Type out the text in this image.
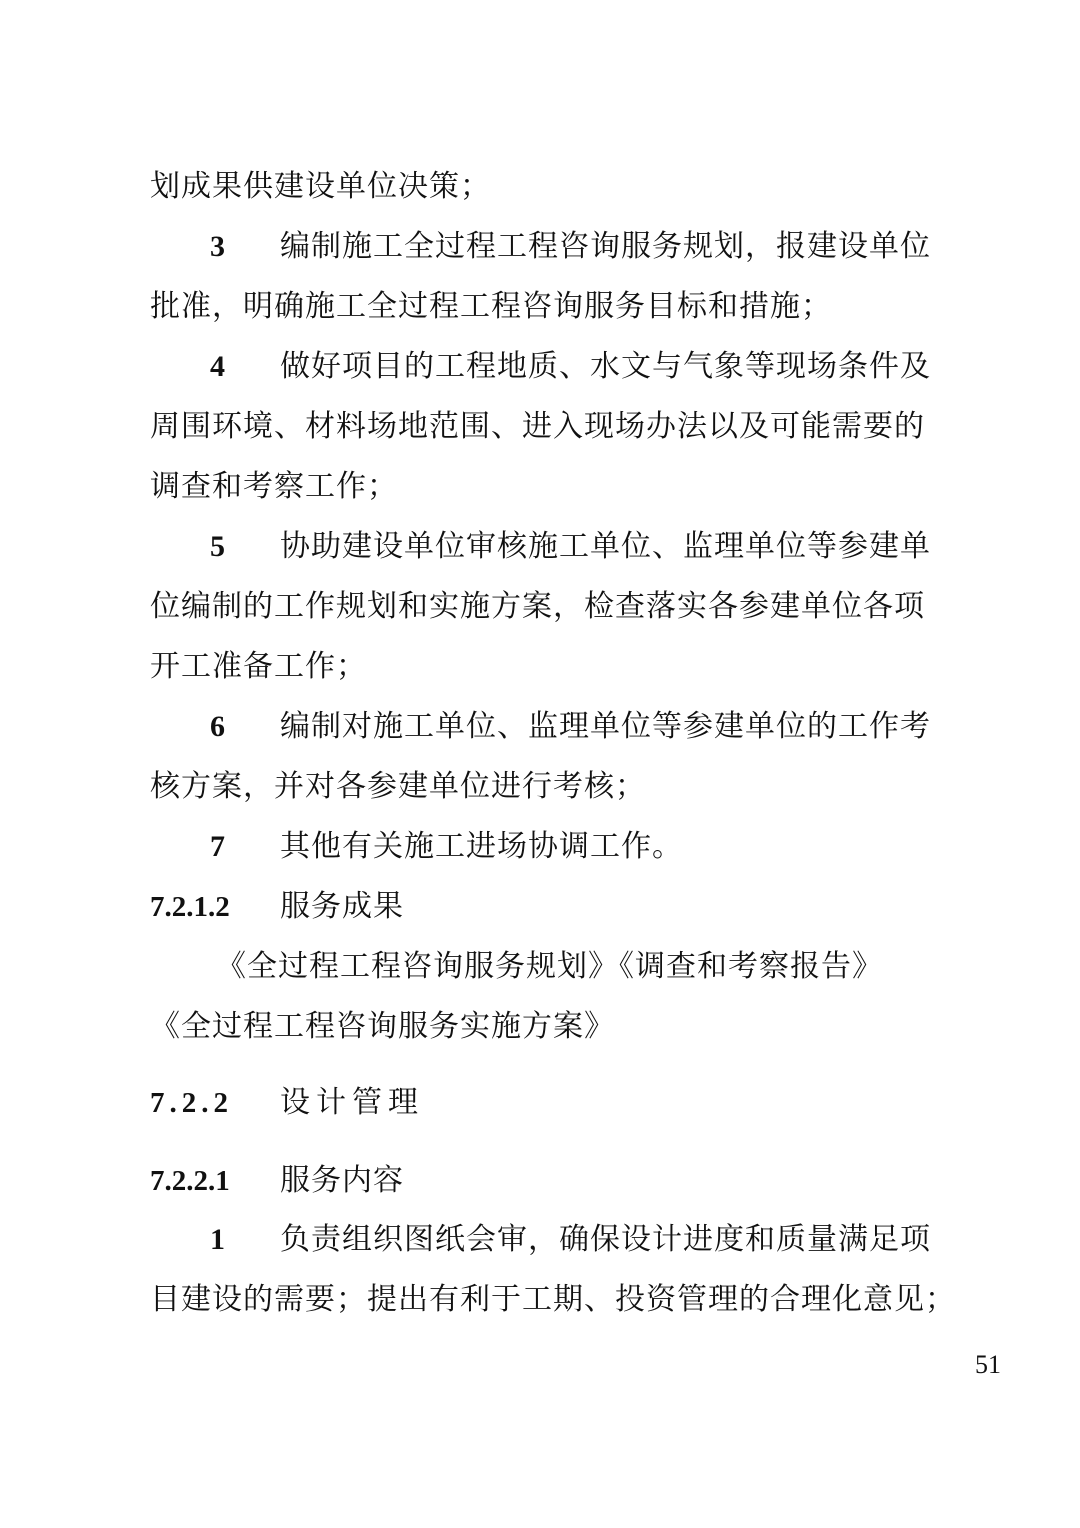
划成果供建设单位决策；
3 编制施工全过程工程咨询服务规划，报建设单位
批准，明确施工全过程工程咨询服务目标和措施；
4 做好项目的工程地质、水文与气象等现场条件及
周围环境、材料场地范围、进入现场办法以及可能需要的
调查和考察工作；
5 协助建设单位审核施工单位、监理单位等参建单
位编制的工作规划和实施方案，检查落实各参建单位各项
开工准备工作；
6 编制对施工单位、监理单位等参建单位的工作考
核方案，并对各参建单位进行考核；
7 其他有关施工进场协调工作。
7.2.1.2 服务成果
《全过程工程咨询服务规划》《调查和考察报告》
《全过程工程咨询服务实施方案》
7.2.2 设计管理
7.2.2.1 服务内容
1 负责组织图纸会审，确保设计进度和质量满足项
目建设的需要；提出有利于工期、投资管理的合理化意见；
51
